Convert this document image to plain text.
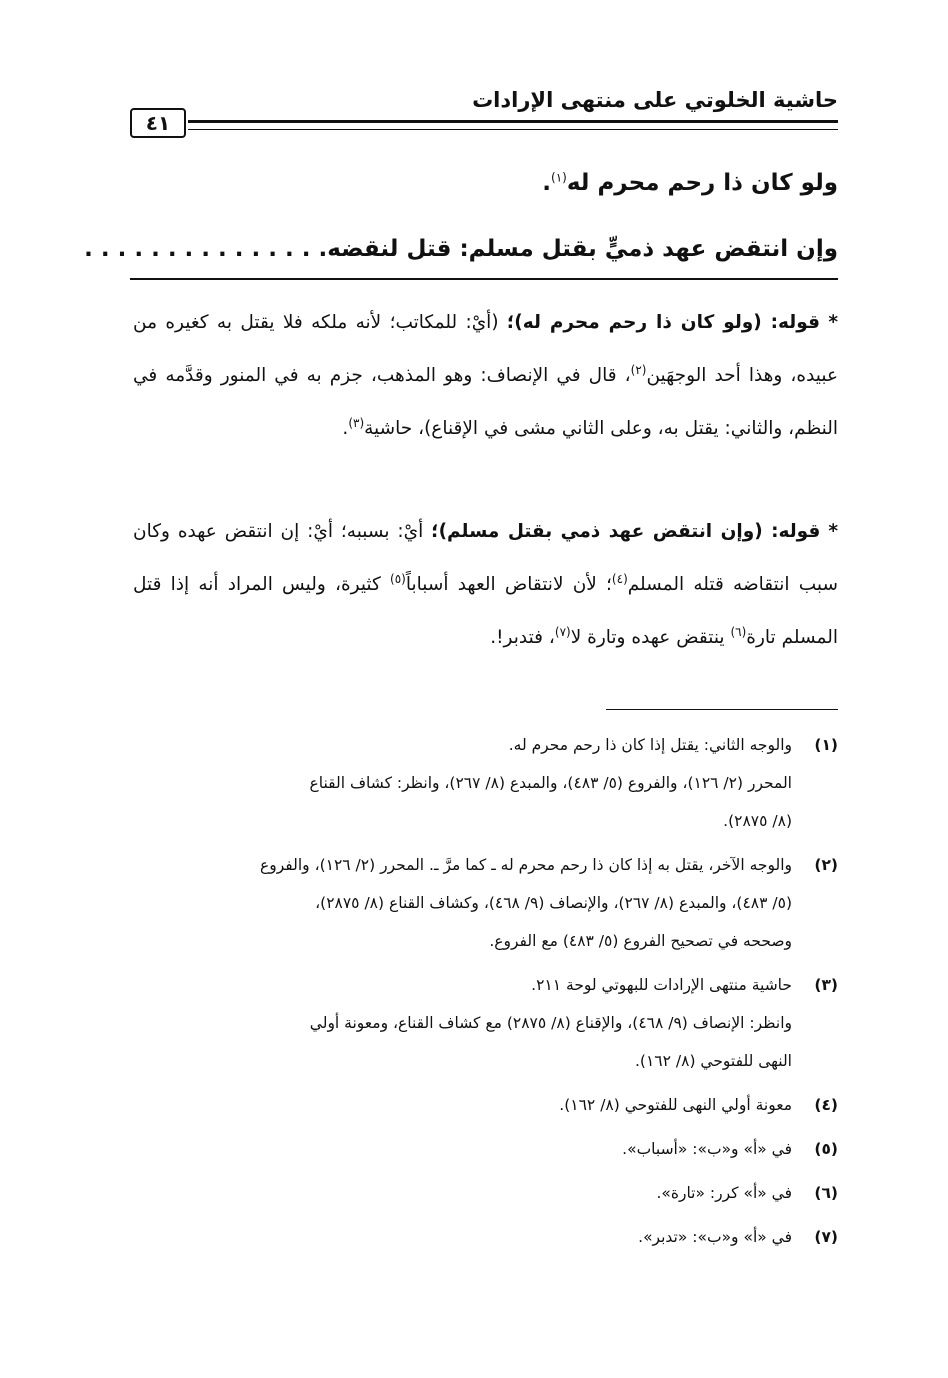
حاشية الخلوتي على منتهى الإرادات
٤١
ولو كان ذا رحم محرم له$^{(١)}$.
وإن انتقض عهد ذميٍّ بقتل مسلم: قتل لنقضه. . . . . . . . . . . . . . .
* قوله: (ولو كان ذا رحم محرم له)؛ (أيْ: للمكاتب؛ لأنه ملكه فلا يقتل به كغيره من عبيده، وهذا أحد الوجهَين$^{(٢)}$، قال في الإنصاف: وهو المذهب، جزم به في المنور وقدَّمه في النظم، والثاني: يقتل به، وعلى الثاني مشى في الإقناع)، حاشية$^{(٣)}$.
* قوله: (وإن انتقض عهد ذمي بقتل مسلم)؛ أيْ: بسببه؛ أيْ: إن انتقض عهده وكان سبب انتقاضه قتله المسلم$^{(٤)}$؛ لأن لانتقاض العهد أسباباً$^{(٥)}$ كثيرة، وليس المراد أنه إذا قتل المسلم تارة$^{(٦)}$ ينتقض عهده وتارة لا$^{(٧)}$، فتدبر!.
(١)
والوجه الثاني: يقتل إذا كان ذا رحم محرم له.
المحرر (٢/ ١٢٦)، والفروع (٥/ ٤٨٣)، والمبدع (٨/ ٢٦٧)، وانظر: كشاف القناع
(٨/ ٢٨٧٥).
(٢)
والوجه الآخر، يقتل به إذا كان ذا رحم محرم له ـ كما مرَّ ـ. المحرر (٢/ ١٢٦)، والفروع
(٥/ ٤٨٣)، والمبدع (٨/ ٢٦٧)، والإنصاف (٩/ ٤٦٨)، وكشاف القناع (٨/ ٢٨٧٥)،
وصححه في تصحيح الفروع (٥/ ٤٨٣) مع الفروع.
(٣)
حاشية منتهى الإرادات للبهوتي لوحة ٢١١.
وانظر: الإنصاف (٩/ ٤٦٨)، والإقناع (٨/ ٢٨٧٥) مع كشاف القناع، ومعونة أولي
النهى للفتوحي (٨/ ١٦٢).
(٤)
معونة أولي النهى للفتوحي (٨/ ١٦٢).
(٥)
في «أ» و«ب»: «أسباب».
(٦)
في «أ» كرر: «تارة».
(٧)
في «أ» و«ب»: «تدبر».
